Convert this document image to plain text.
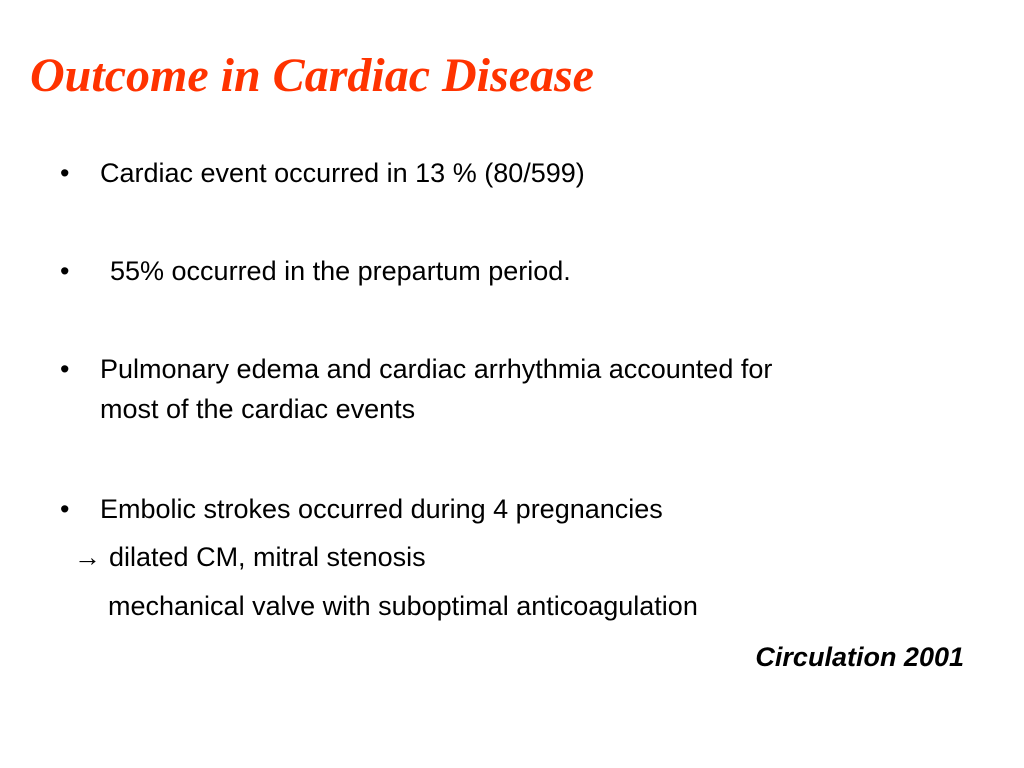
Outcome in Cardiac Disease
• Cardiac event occurred in 13 % (80/599)
• 55% occurred in the prepartum period.
• Pulmonary edema and cardiac arrhythmia accounted for
most of the cardiac events
• Embolic strokes occurred during 4 pregnancies
→ dilated CM, mitral stenosis
mechanical valve with suboptimal anticoagulation
Circulation 2001
